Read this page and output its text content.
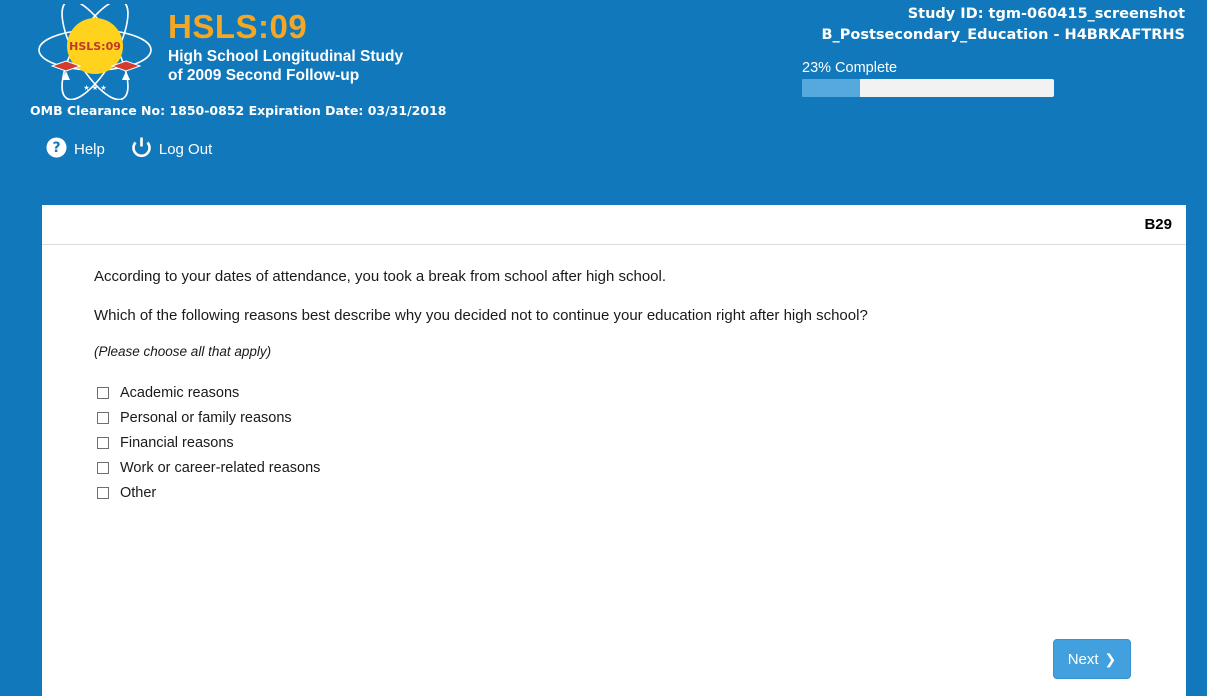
HSLS:09
★ ★ ★
HSLS:09
High School Longitudinal Study
of 2009 Second Follow-up
OMB Clearance No: 1850-0852 Expiration Date: 03/31/2018
? Help	Log Out
Study ID: tgm-060415_screenshot
B_Postsecondary_Education - H4BRKAFTRHS
23% Complete
B29

According to your dates of attendance, you took a break from school after high school.

Which of the following reasons best describe why you decided not to continue your education right after high school?

(Please choose all that apply)

Academic reasons
Personal or family reasons
Financial reasons
Work or career-related reasons
Other
Next ❯
